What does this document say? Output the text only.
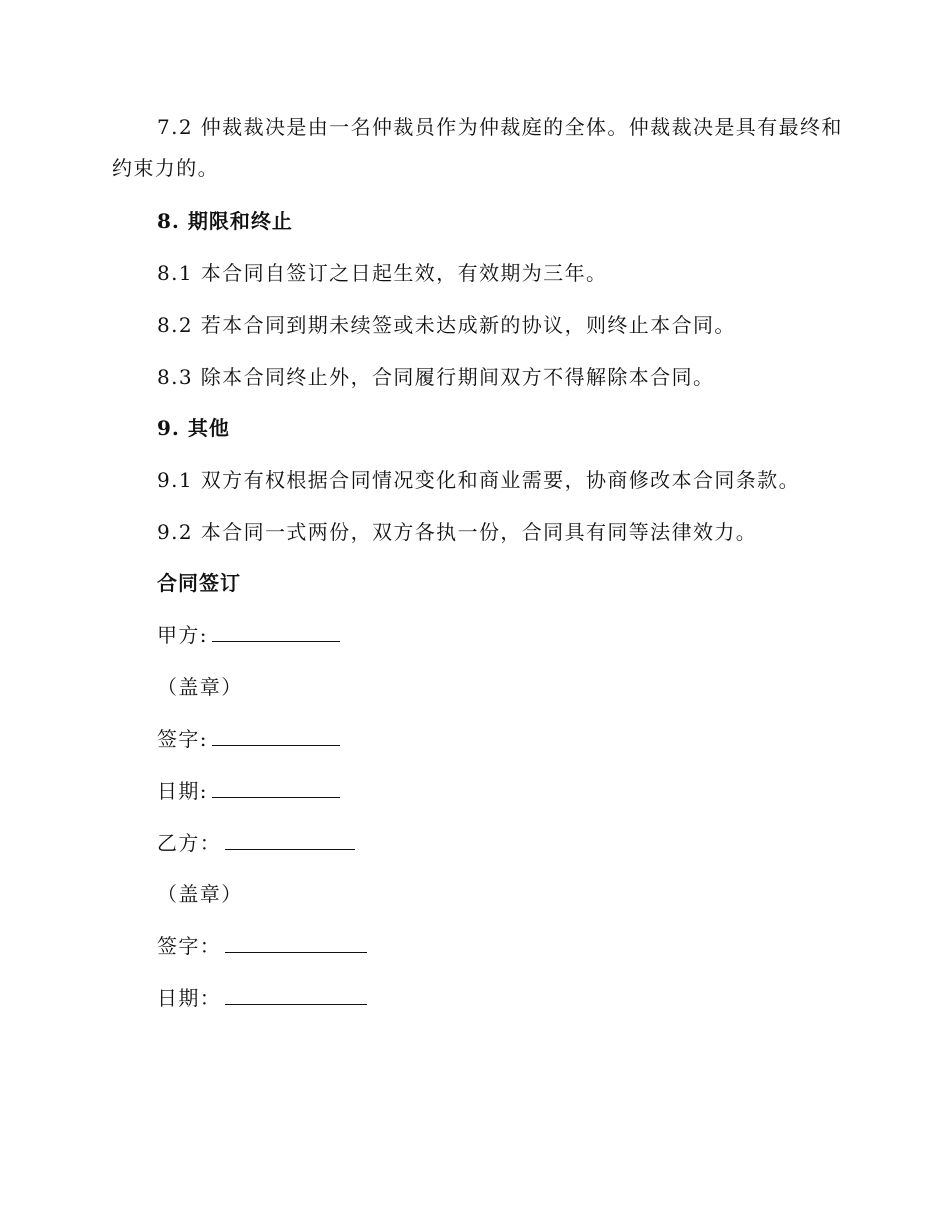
7.2 仲裁裁决是由一名仲裁员作为仲裁庭的全体。仲裁裁决是具有最终和
约束力的。
8. 期限和终止
8.1 本合同自签订之日起生效，有效期为三年。
8.2 若本合同到期未续签或未达成新的协议，则终止本合同。
8.3 除本合同终止外，合同履行期间双方不得解除本合同。
9. 其他
9.1 双方有权根据合同情况变化和商业需要，协商修改本合同条款。
9.2 本合同一式两份，双方各执一份，合同具有同等法律效力。
合同签订
甲方:
（盖章）
签字:
日期:
乙方：
（盖章）
签字：
日期：
